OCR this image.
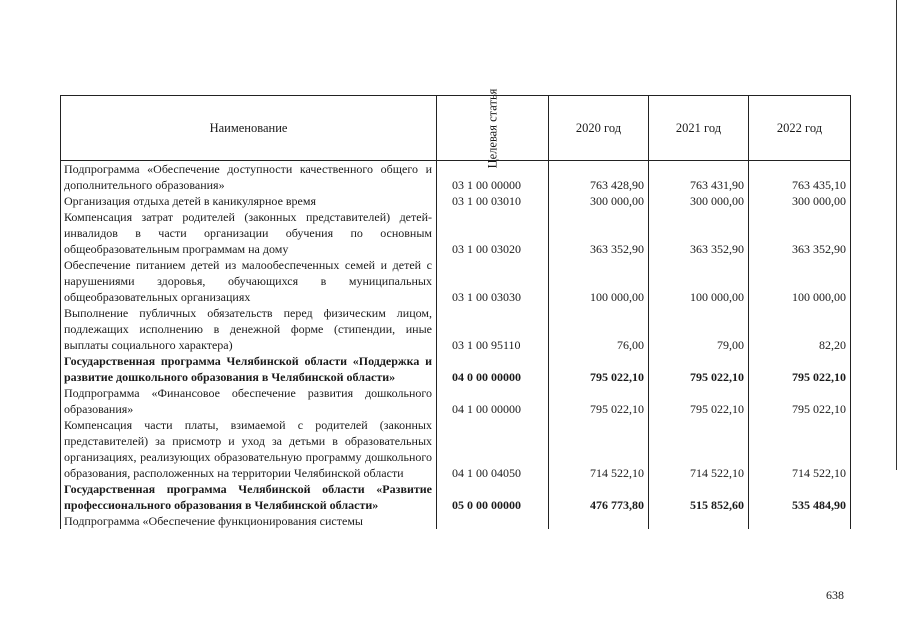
Наименование	Целевая статья	2020 год	2021 год	2022 год
Подпрограмма «Обеспечение доступности качественного общего и дополнительного образования»	03 1 00 00000	763 428,90	763 431,90	763 435,10
Организация отдыха детей в каникулярное время	03 1 00 03010	300 000,00	300 000,00	300 000,00
Компенсация затрат родителей (законных представителей) детей-инвалидов в части организации обучения по основным общеобразовательным программам на дому	03 1 00 03020	363 352,90	363 352,90	363 352,90
Обеспечение питанием детей из малообеспеченных семей и детей с нарушениями здоровья, обучающихся в муниципальных общеобразовательных организациях	03 1 00 03030	100 000,00	100 000,00	100 000,00
Выполнение публичных обязательств перед физическим лицом, подлежащих исполнению в денежной форме (стипендии, иные выплаты социального характера)	03 1 00 95110	76,00	79,00	82,20
Государственная программа Челябинской области «Поддержка и развитие дошкольного образования в Челябинской области»	04 0 00 00000	795 022,10	795 022,10	795 022,10
Подпрограмма «Финансовое обеспечение развития дошкольного образования»	04 1 00 00000	795 022,10	795 022,10	795 022,10
Компенсация части платы, взимаемой с родителей (законных представителей) за присмотр и уход за детьми в образовательных организациях, реализующих образовательную программу дошкольного образования, расположенных на территории Челябинской области	04 1 00 04050	714 522,10	714 522,10	714 522,10
Государственная программа Челябинской области «Развитие профессионального образования в Челябинской области»	05 0 00 00000	476 773,80	515 852,60	535 484,90
Подпрограмма «Обеспечение функционирования системы				
638
